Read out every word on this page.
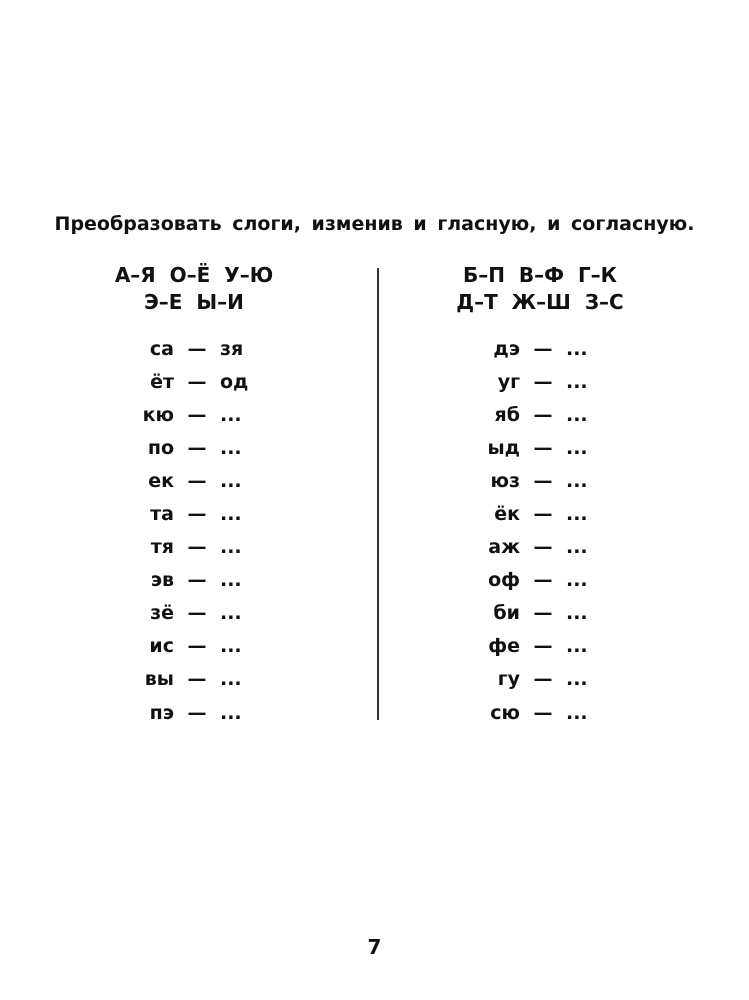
Преобразовать слоги, изменив и гласную, и согласную.
А–Я О–Ё У–Ю
Э–Е Ы–И
са — зя
ёт — од
кю — ...
по — ...
ек — ...
та — ...
тя — ...
эв — ...
зё — ...
ис — ...
вы — ...
пэ — ...
Б–П В–Ф Г–К
Д–Т Ж–Ш З–С
дэ — ...
уг — ...
яб — ...
ыд — ...
юз — ...
ёк — ...
аж — ...
оф — ...
би — ...
фе — ...
гу — ...
сю — ...
7
